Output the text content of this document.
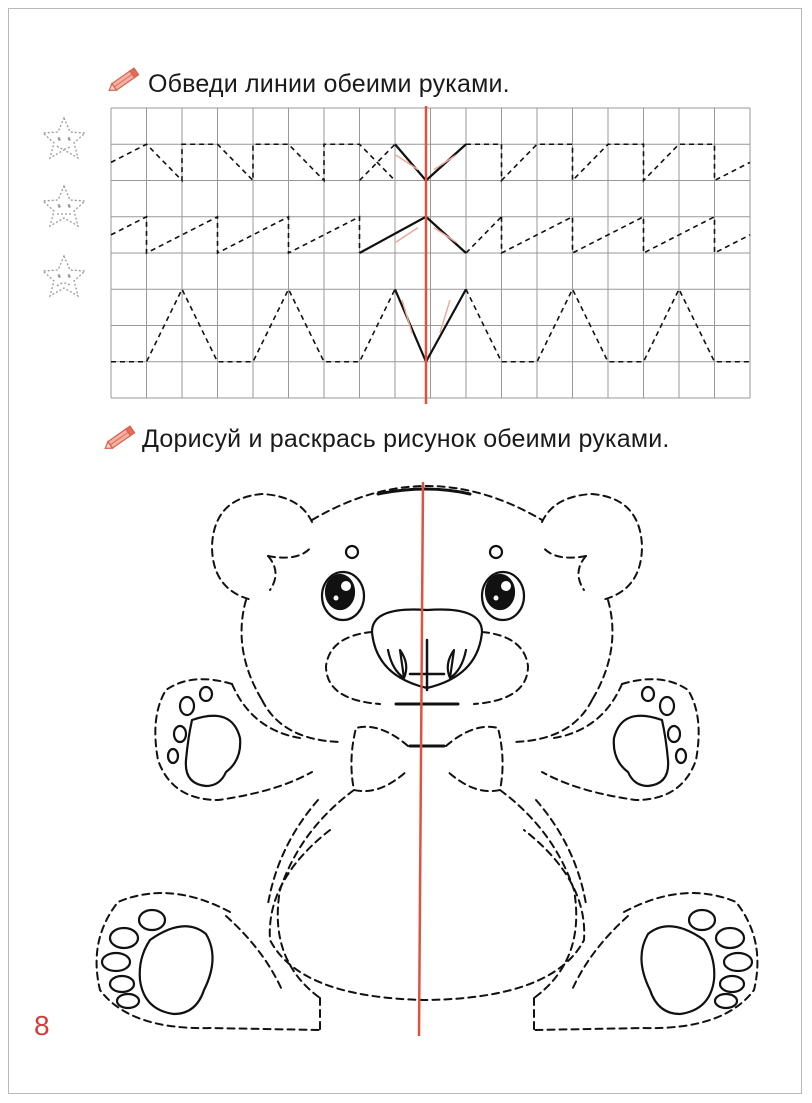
Обведи линии обеими руками.
Дорисуй и раскрась рисунок обеими руками.
8
